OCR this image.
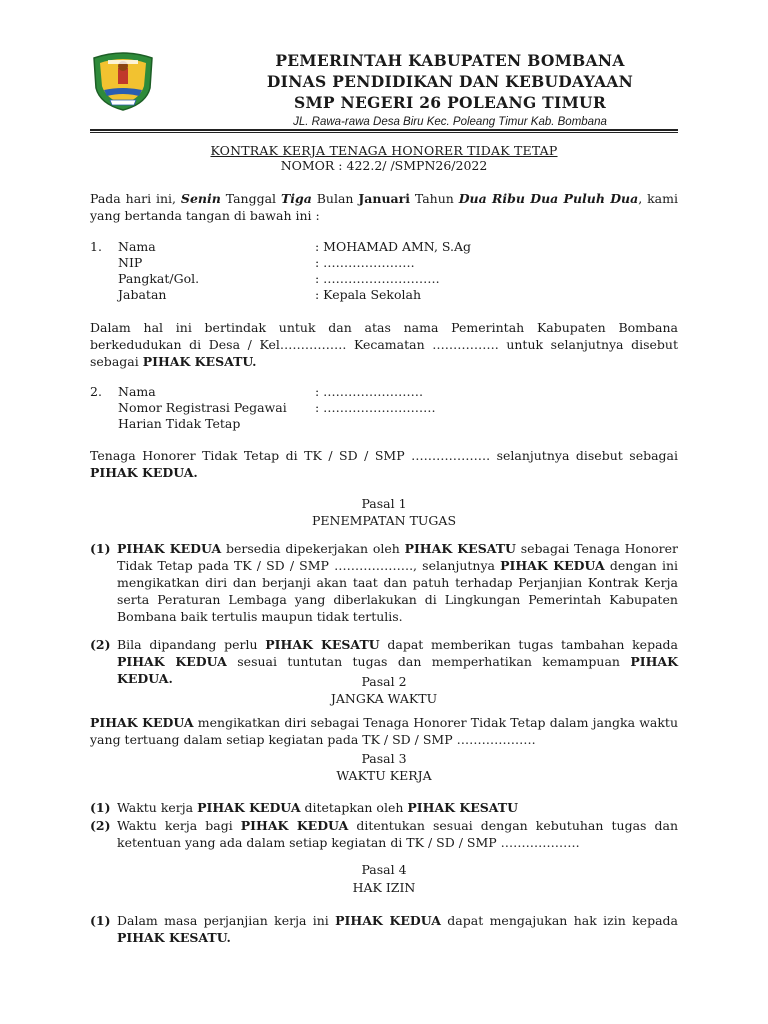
PEMERINTAH KABUPATEN BOMBANA
DINAS PENDIDIKAN DAN KEBUDAYAAN
SMP NEGERI 26 POLEANG TIMUR
JL. Rawa-rawa Desa Biru Kec. Poleang Timur Kab. Bombana
KONTRAK KERJA TENAGA HONORER TIDAK TETAP
NOMOR : 422.2/ /SMPN26/2022
Pada hari ini, Senin Tanggal Tiga Bulan Januari Tahun Dua Ribu Dua Puluh Dua, kami yang bertanda tangan di bawah ini :
1. Nama	: MOHAMAD AMN, S.Ag
NIP	: ………………….
Pangkat/Gol.	: ……………………….
Jabatan	: Kepala Sekolah
Dalam hal ini bertindak untuk dan atas nama Pemerintah Kabupaten Bombana berkedudukan di Desa / Kel……………. Kecamatan ……………. untuk selanjutnya disebut sebagai PIHAK KESATU.
2. Nama	: ……………………
Nomor Registrasi Pegawai : ………………………
Harian Tidak Tetap
Tenaga Honorer Tidak Tetap di TK / SD / SMP ………………. selanjutnya disebut sebagai PIHAK KEDUA.
Pasal 1
PENEMPATAN TUGAS
(1) PIHAK KEDUA bersedia dipekerjakan oleh PIHAK KESATU sebagai Tenaga Honorer Tidak Tetap pada TK / SD / SMP ………………., selanjutnya PIHAK KEDUA dengan ini mengikatkan diri dan berjanji akan taat dan patuh terhadap Perjanjian Kontrak Kerja serta Peraturan Lembaga yang diberlakukan di Lingkungan Pemerintah Kabupaten Bombana baik tertulis maupun tidak tertulis.
(2) Bila dipandang perlu PIHAK KESATU dapat memberikan tugas tambahan kepada PIHAK KEDUA sesuai tuntutan tugas dan memperhatikan kemampuan PIHAK KEDUA.	Pasal 2
JANGKA WAKTU
PIHAK KEDUA mengikatkan diri sebagai Tenaga Honorer Tidak Tetap dalam jangka waktu yang tertuang dalam setiap kegiatan pada TK / SD / SMP ……………….
Pasal 3
WAKTU KERJA
(1) Waktu kerja PIHAK KEDUA ditetapkan oleh PIHAK KESATU
(2) Waktu kerja bagi PIHAK KEDUA ditentukan sesuai dengan kebutuhan tugas dan ketentuan yang ada dalam setiap kegiatan di TK / SD / SMP ……………….
Pasal 4
HAK IZIN
(1) Dalam masa perjanjian kerja ini PIHAK KEDUA dapat mengajukan hak izin kepada PIHAK KESATU.
